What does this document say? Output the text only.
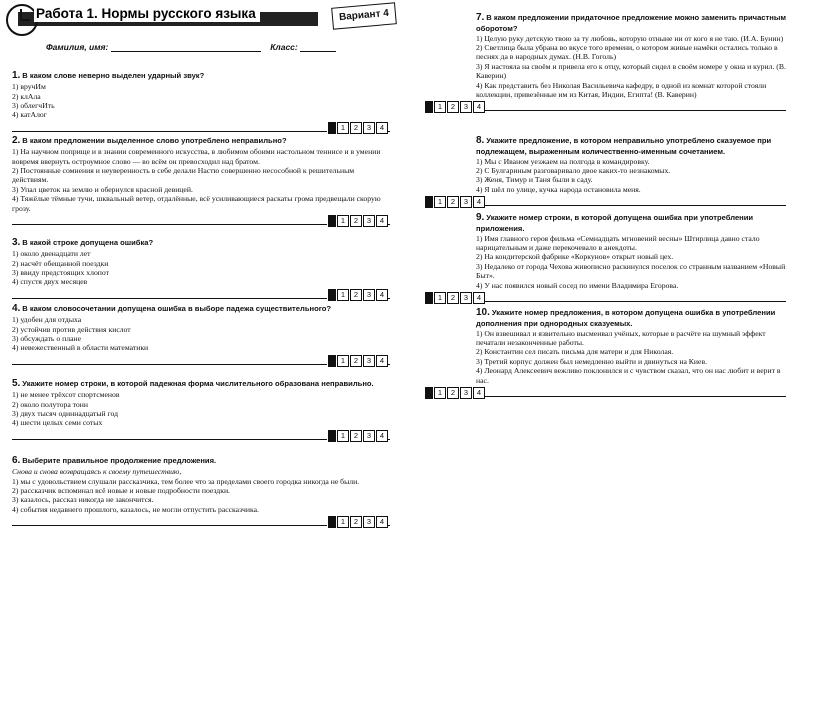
Работа 1. Нормы русского языка	Вариант 4
Фамилия, имя:	Класс:
1. В каком слове неверно выделен ударный звук?
1) вручИм
2) клАла
3) облегчИть
4) катАлог
1	2	3	4
2. В каком предложении выделенное слово употреблено неправильно?
1) На научном поприще и в знании современного искусства, в любимом обоими настольном теннисе и в умении вовремя ввернуть остроумное слово — во всём он превосходил над братом.
2) Постоянные сомнения и неуверенность в себе делали Настю совершенно несособной к решительным действиям.
3) Упал цветок на землю и обернулся красной девицей.
4) Тяжёлые тёмные тучи, шквальный ветер, отдалённые, всё усиливающиеся раскаты грома предвещали скорую грозу.
1	2	3	4
3. В какой строке допущена ошибка?
1) около двенадцати лет
2) насчёт обещанной поездки
3) ввиду предстоящих хлопот
4) спустя двух месяцев
1	2	3	4
4. В каком словосочетании допущена ошибка в выборе падежа существительного?
1) удобен для отдыха
2) устойчив против действия кислот
3) обсуждать о плане
4) невежественный в области математики
1	2	3	4
5. Укажите номер строки, в которой падежная форма числительного образована неправильно.
1) не менее трёхсот спортсменов
2) около полутора тонн
3) двух тысяч одиннадцатый год
4) шести целых семи сотых
1	2	3	4
6. Выберите правильное продолжение предложения.
Снова и снова возвращаясь к своему путешествию,
1) мы с удовольствием слушали рассказчика, тем более что за пределами своего городка никогда не были.
2) рассказчик вспоминал всё новые и новые подробности поездки.
3) казалось, рассказ никогда не закончится.
4) события недавнего прошлого, казалось, не могли отпустить рассказчика.
1	2	3	4
7. В каком предложении придаточное предложение можно заменить причастным оборотом?
1) Целую руку детскую твою за ту любовь, которую отныне ни от кого я не таю. (И.А. Бунин)
2) Светлица была убрана во вкусе того времени, о котором живые намёки остались только в песнях да в народных думах. (Н.В. Гоголь)
3) Я настояла на своём и привела его к отцу, который сидел в своём номере у окна и курил. (В. Каверин)
4) Как представить без Николая Васильевича кафедру, в одной из комнат которой стояли коллекции, привезённые им из Китая, Индии, Египта! (В. Каверин)
1	2	3	4
8. Укажите предложение, в котором неправильно употреблено сказуемое при подлежащем, выраженным количественно-именным сочетанием.
1) Мы с Иваном уезжаем на полгода в командировку.
2) С Булгариным разговаривало двое каких-то незнакомых.
3) Женя, Тимур и Таня были в саду.
4) Я шёл по улице, кучка народа остановила меня.
1	2	3	4
9. Укажите номер строки, в которой допущена ошибка при употреблении приложения.
1) Имя главного героя фильма «Семнадцать мгновений весны» Штирлица давно стало нарицательным и даже перекочевало в анекдоты.
2) На кондитерской фабрике «Коркунов» открыт новый цех.
3) Недалеко от города Чехова живописно раскинулся поселок со странным названием «Новый Быт».
4) У нас появился новый сосед по имени Владимира Егорова.
1	2	3	4
10. Укажите номер предложения, в котором допущена ошибка в употреблении дополнения при однородных сказуемых.
1) Он взвешивал и язвительно высмеивал учёных, которые в расчёте на шумный эффект печатали незаконченные работы.
2) Константин сел писать письма для матери и для Николая.
3) Третий корпус должен был немедленно выйти и двинуться на Киев.
4) Леонард Алексеевич вежливо поклонился и с чувством сказал, что он нас любит и верит в нас.
1	2	3	4
